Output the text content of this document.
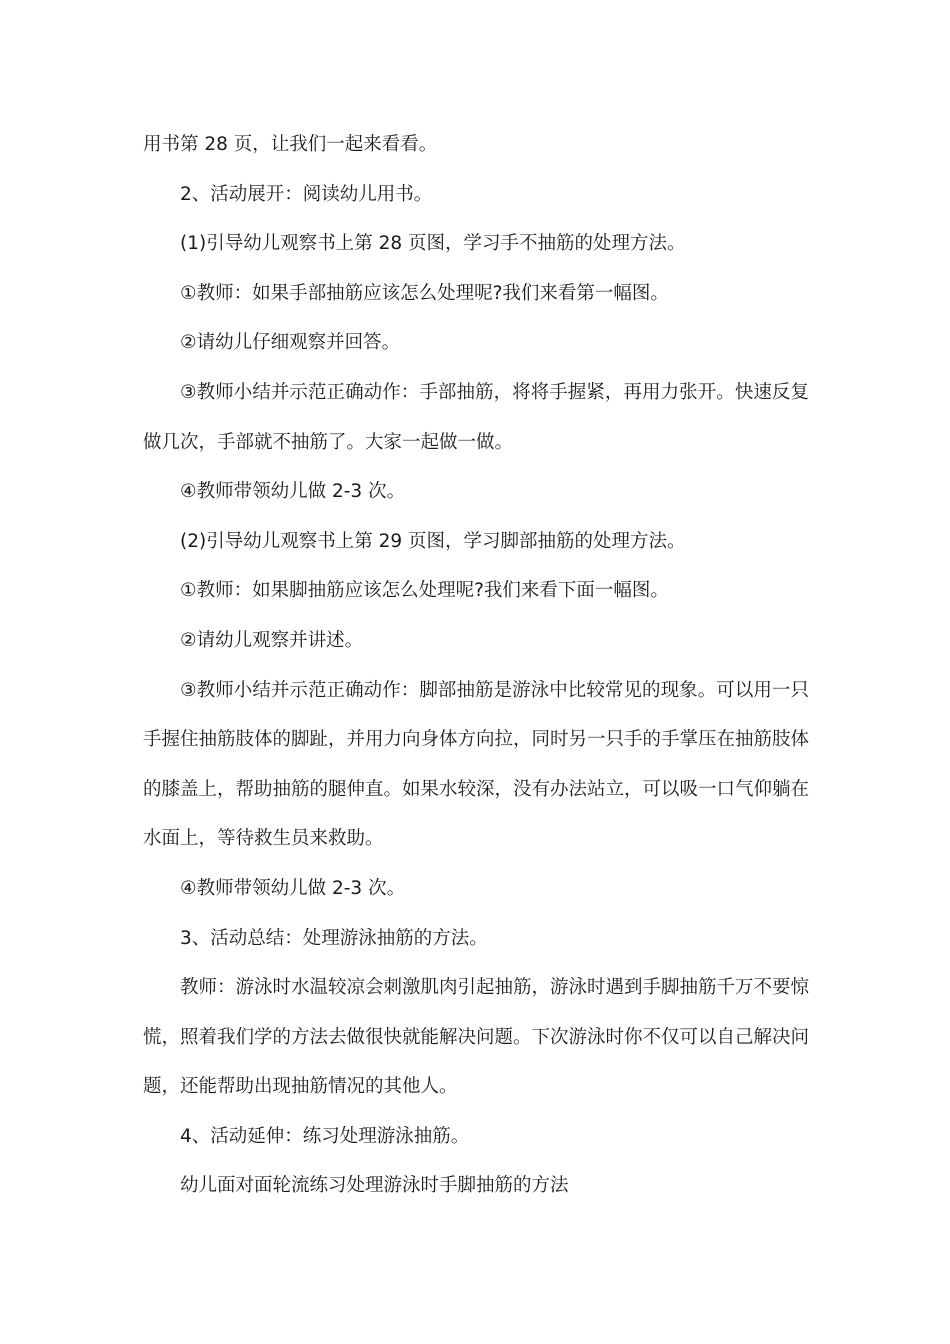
用书第 28 页，让我们一起来看看。

2、活动展开：阅读幼儿用书。

(1)引导幼儿观察书上第 28 页图，学习手不抽筋的处理方法。

①教师：如果手部抽筋应该怎么处理呢?我们来看第一幅图。

②请幼儿仔细观察并回答。

③教师小结并示范正确动作：手部抽筋，将将手握紧，再用力张开。快速反复做几次，手部就不抽筋了。大家一起做一做。

④教师带领幼儿做 2-3 次。

(2)引导幼儿观察书上第 29 页图，学习脚部抽筋的处理方法。

①教师：如果脚抽筋应该怎么处理呢?我们来看下面一幅图。

②请幼儿观察并讲述。

③教师小结并示范正确动作：脚部抽筋是游泳中比较常见的现象。可以用一只手握住抽筋肢体的脚趾，并用力向身体方向拉，同时另一只手的手掌压在抽筋肢体的膝盖上，帮助抽筋的腿伸直。如果水较深，没有办法站立，可以吸一口气仰躺在水面上，等待救生员来救助。

④教师带领幼儿做 2-3 次。

3、活动总结：处理游泳抽筋的方法。

教师：游泳时水温较凉会刺激肌肉引起抽筋，游泳时遇到手脚抽筋千万不要惊慌，照着我们学的方法去做很快就能解决问题。下次游泳时你不仅可以自己解决问题，还能帮助出现抽筋情况的其他人。

4、活动延伸：练习处理游泳抽筋。

幼儿面对面轮流练习处理游泳时手脚抽筋的方法
